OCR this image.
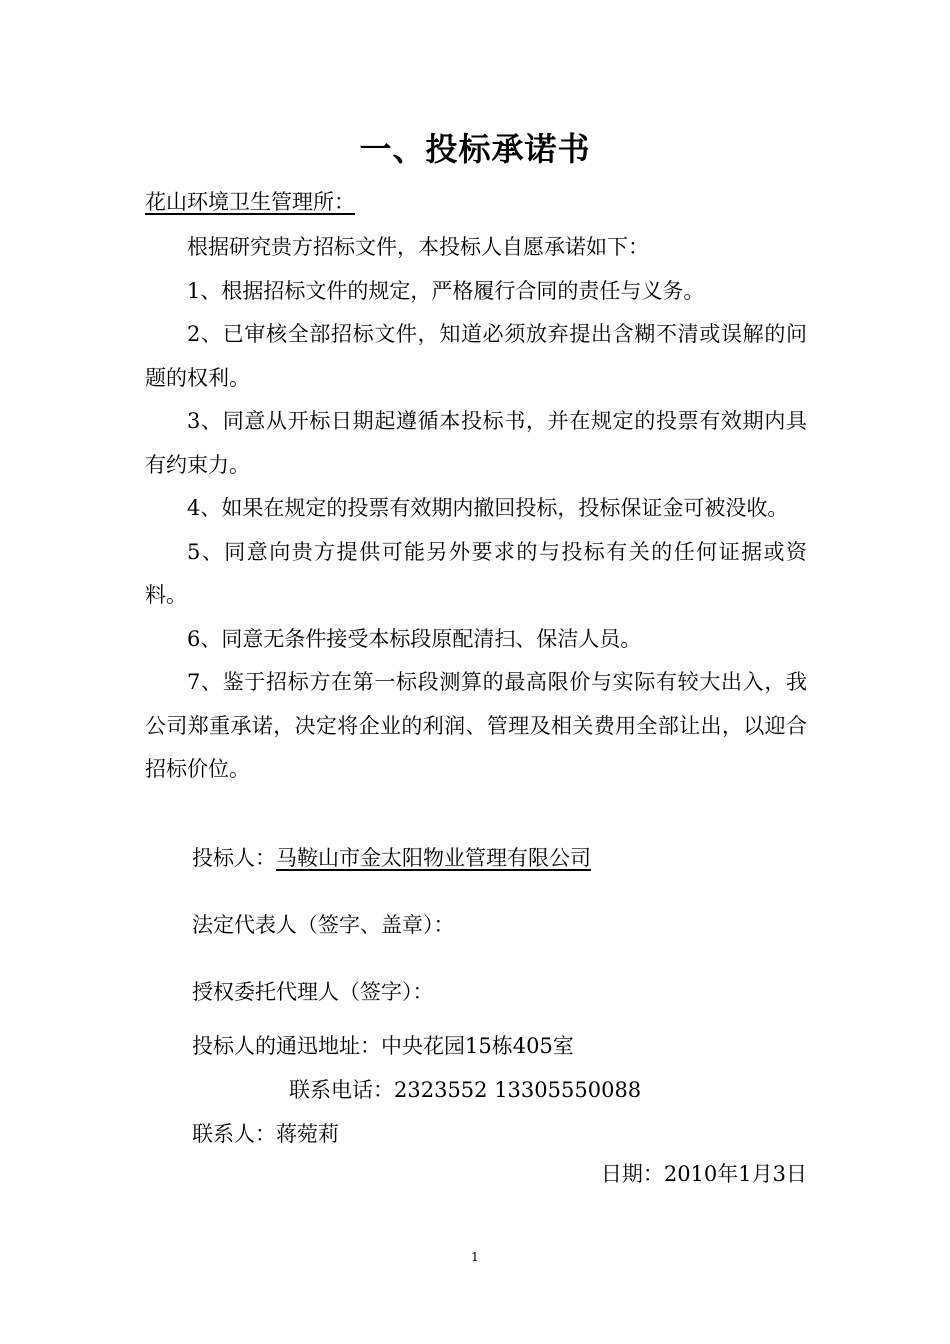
一、投标承诺书
花山环境卫生管理所：

根据研究贵方招标文件，本投标人自愿承诺如下：

1、根据招标文件的规定，严格履行合同的责任与义务。

2、已审核全部招标文件，知道必须放弃提出含糊不清或误解的问题的权利。

3、同意从开标日期起遵循本投标书，并在规定的投票有效期内具有约束力。

4、如果在规定的投票有效期内撤回投标，投标保证金可被没收。

5、同意向贵方提供可能另外要求的与投标有关的任何证据或资料。

6、同意无条件接受本标段原配清扫、保洁人员。

7、鉴于招标方在第一标段测算的最高限价与实际有较大出入，我公司郑重承诺，决定将企业的利润、管理及相关费用全部让出，以迎合招标价位。

投标人：马鞍山市金太阳物业管理有限公司
法定代表人（签字、盖章）：
授权委托代理人（签字）：
投标人的通迅地址：中央花园15栋405室
联系电话：2323552 13305550088
联系人：蒋菀莉
日期：2010年1月3日
1
